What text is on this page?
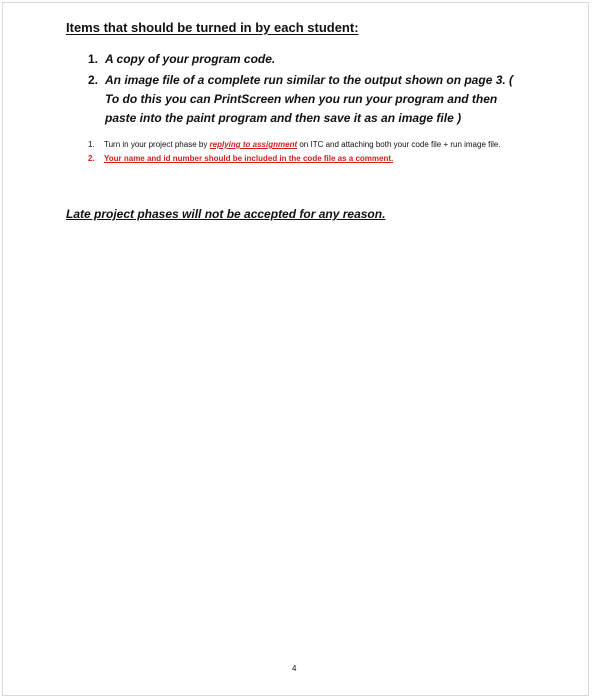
Items that should be turned in by each student:

1. A copy of your program code.
2. An image file of a complete run similar to the output shown on page 3. ( To do this you can PrintScreen when you run your program and then paste into the paint program and then save it as an image file )
1. Turn in your project phase by replying to assignment on ITC and attaching both your code file + run image file.
2. Your name and id number should be included in the code file as a comment.

Late project phases will not be accepted for any reason.

4
